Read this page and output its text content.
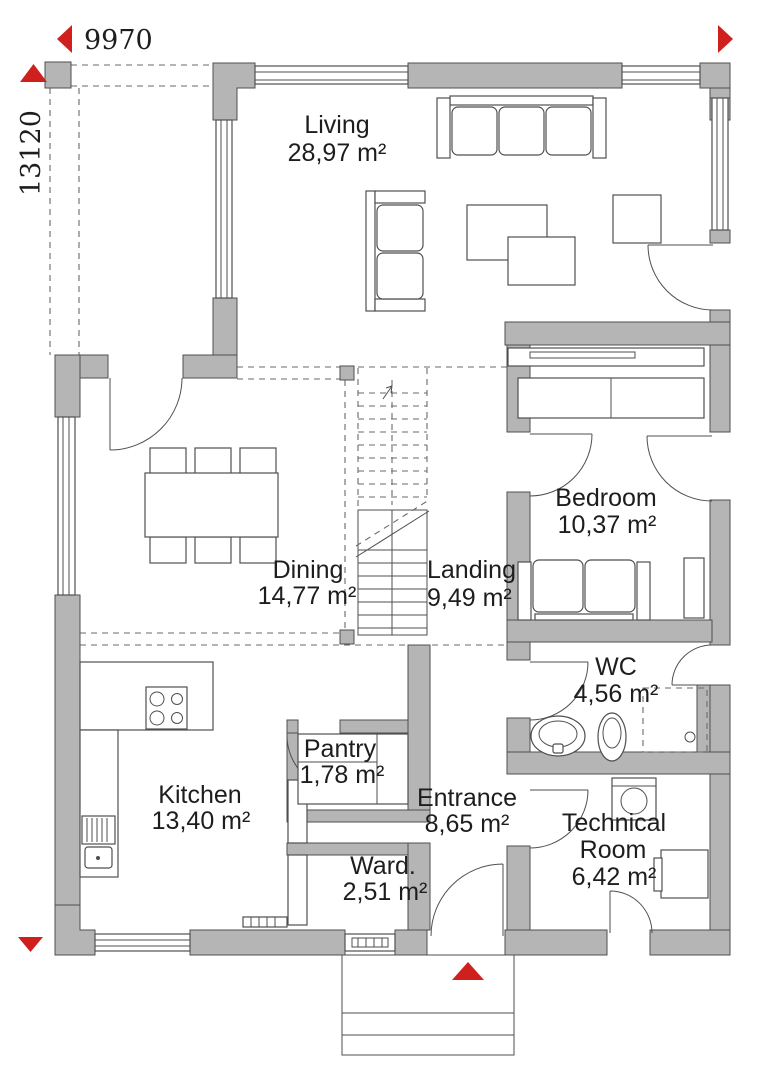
9970
13120	Living
28,97 m²
Dining
14,77 m²
Landing
9,49 m²
Bedroom
10,37 m²
WC
4,56 m²
Pantry
1,78 m²
Entrance
8,65 m²
Kitchen
13,40 m²
Ward.
2,51 m²
Technical
Room
6,42 m²
